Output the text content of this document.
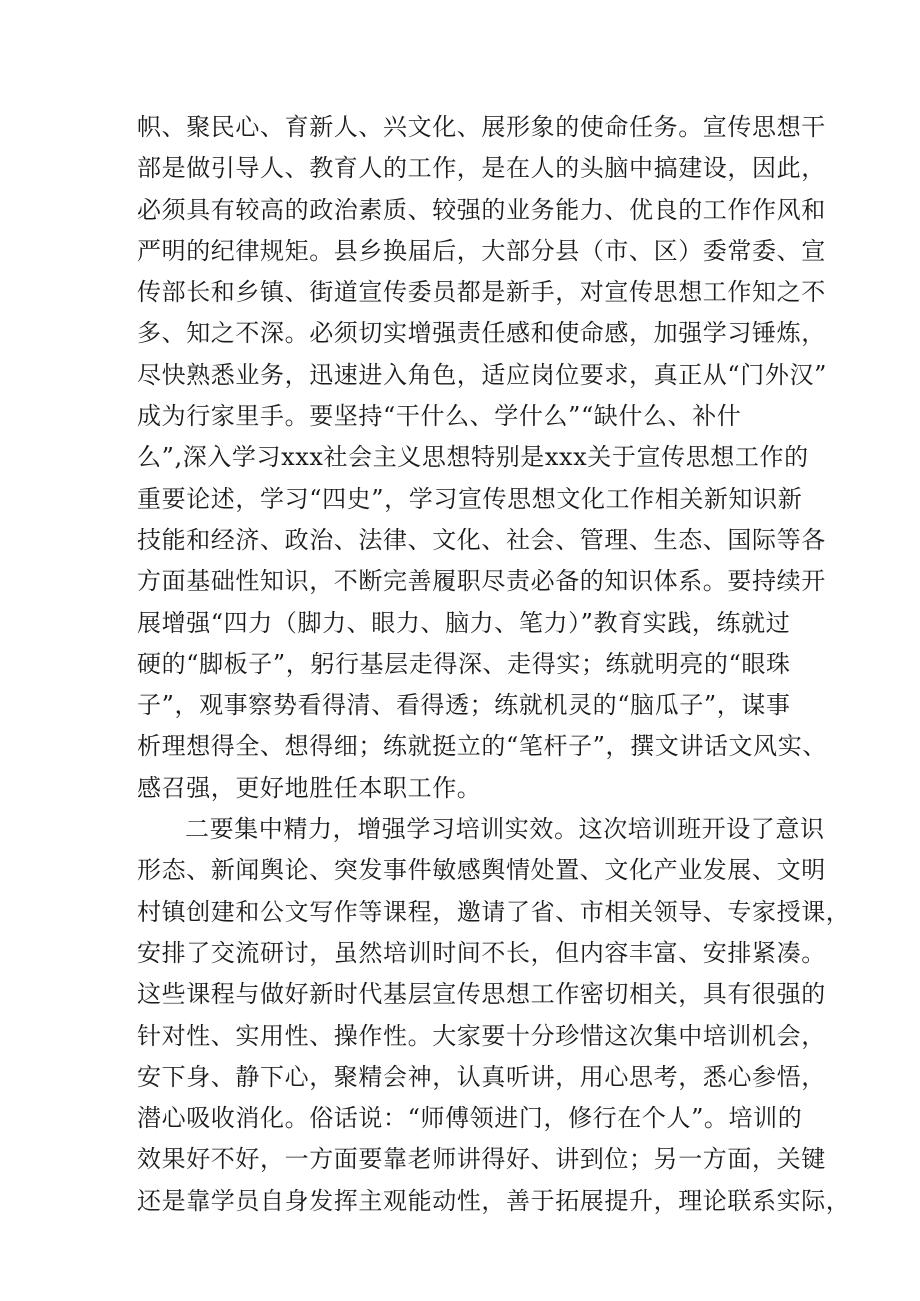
帜、聚民心、育新人、兴文化、展形象的使命任务。宣传思想干
部是做引导人、教育人的工作，是在人的头脑中搞建设，因此，
必须具有较高的政治素质、较强的业务能力、优良的工作作风和
严明的纪律规矩。县乡换届后，大部分县（市、区）委常委、宣
传部长和乡镇、街道宣传委员都是新手，对宣传思想工作知之不
多、知之不深。必须切实增强责任感和使命感，加强学习锤炼，
尽快熟悉业务，迅速进入角色，适应岗位要求，真正从“门外汉”
成为行家里手。要坚持“干什么、学什么”“缺什么、补什
么”,深入学习xxx社会主义思想特别是xxx关于宣传思想工作的
重要论述，学习“四史”，学习宣传思想文化工作相关新知识新
技能和经济、政治、法律、文化、社会、管理、生态、国际等各
方面基础性知识，不断完善履职尽责必备的知识体系。要持续开
展增强“四力（脚力、眼力、脑力、笔力）”教育实践，练就过
硬的“脚板子”，躬行基层走得深、走得实；练就明亮的“眼珠
子”，观事察势看得清、看得透；练就机灵的“脑瓜子”，谋事
析理想得全、想得细；练就挺立的“笔杆子”，撰文讲话文风实、
感召强，更好地胜任本职工作。
二要集中精力，增强学习培训实效。这次培训班开设了意识
形态、新闻舆论、突发事件敏感舆情处置、文化产业发展、文明
村镇创建和公文写作等课程，邀请了省、市相关领导、专家授课，
安排了交流研讨，虽然培训时间不长，但内容丰富、安排紧凑。
这些课程与做好新时代基层宣传思想工作密切相关，具有很强的
针对性、实用性、操作性。大家要十分珍惜这次集中培训机会，
安下身、静下心，聚精会神，认真听讲，用心思考，悉心参悟，
潜心吸收消化。俗话说：“师傅领进门，修行在个人”。培训的
效果好不好，一方面要靠老师讲得好、讲到位；另一方面，关键
还是靠学员自身发挥主观能动性，善于拓展提升，理论联系实际，
